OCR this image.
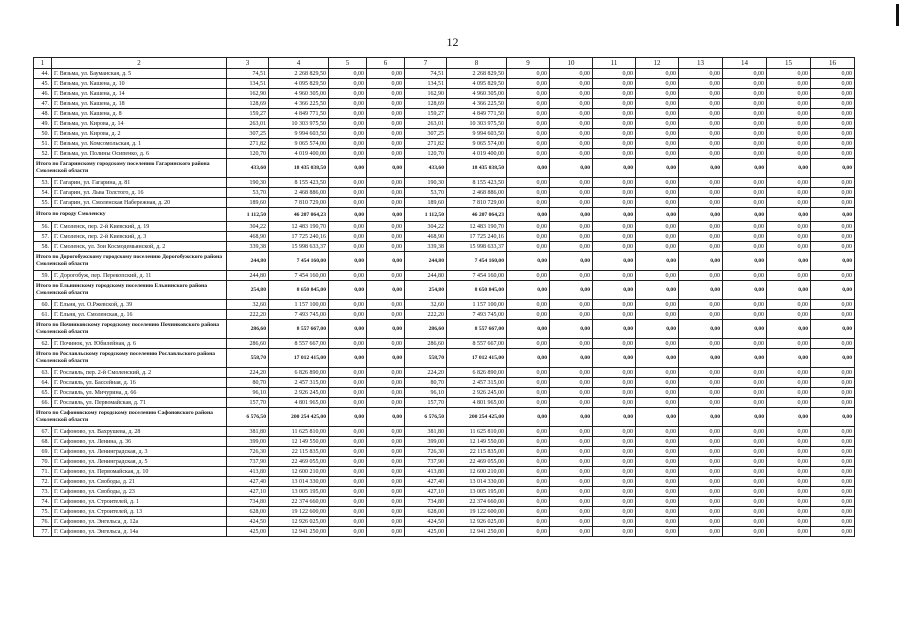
12
1	2	3	4	5	6	7	8	9	10	11	12	13	14	15	16
44.	Г. Вязьма, ул. Бауманская, д. 5	74,51	2 268 829,50	0,00	0,00	74,51	2 268 829,50	0,00	0,00	0,00	0,00	0,00	0,00	0,00	0,00
45.	Г. Вязьма, ул. Кашена, д. 10	134,51	4 095 829,50	0,00	0,00	134,51	4 095 829,50	0,00	0,00	0,00	0,00	0,00	0,00	0,00	0,00
46.	Г. Вязьма, ул. Кашена, д. 14	162,90	4 960 305,00	0,00	0,00	162,90	4 960 305,00	0,00	0,00	0,00	0,00	0,00	0,00	0,00	0,00
47.	Г. Вязьма, ул. Кашена, д. 18	128,69	4 366 225,50	0,00	0,00	128,69	4 366 225,50	0,00	0,00	0,00	0,00	0,00	0,00	0,00	0,00
48.	Г. Вязьма, ул. Кашена, д. 8	159,27	4 849 771,50	0,00	0,00	159,27	4 849 771,50	0,00	0,00	0,00	0,00	0,00	0,00	0,00	0,00
49.	Г. Вязьма, ул. Кирова, д. 14	263,01	10 303 975,50	0,00	0,00	263,01	10 303 975,50	0,00	0,00	0,00	0,00	0,00	0,00	0,00	0,00
50.	Г. Вязьма, ул. Кирова, д. 2	307,25	9 994 603,50	0,00	0,00	307,25	9 994 603,50	0,00	0,00	0,00	0,00	0,00	0,00	0,00	0,00
51.	Г. Вязьма, ул. Комсомольская, д. 1	271,82	9 065 574,00	0,00	0,00	271,82	9 065 574,00	0,00	0,00	0,00	0,00	0,00	0,00	0,00	0,00
52.	Г. Вязьма, ул. Полины Осипенко, д. 6	120,70	4 019 400,00	0,00	0,00	120,70	4 019 400,00	0,00	0,00	0,00	0,00	0,00	0,00	0,00	0,00
Итого по Гагаринскому городскому поселению Гагаринского района Смоленской области		433,60	18 435 038,50	0,00	0,00	433,60	18 435 038,50	0,00	0,00	0,00	0,00	0,00	0,00	0,00	0,00
53.	Г. Гагарин, ул. Гагарина, д. 81	190,30	8 155 423,50	0,00	0,00	190,30	8 155 423,50	0,00	0,00	0,00	0,00	0,00	0,00	0,00	0,00
54.	Г. Гагарин, ул. Льва Толстого, д. 16	53,70	2 468 886,00	0,00	0,00	53,70	2 468 886,00	0,00	0,00	0,00	0,00	0,00	0,00	0,00	0,00
55.	Г. Гагарин, ул. Смоленская Набережная, д. 20	189,60	7 810 729,00	0,00	0,00	189,60	7 810 729,00	0,00	0,00	0,00	0,00	0,00	0,00	0,00	0,00
Итого по городу Смоленску		1 112,50	46 207 064,23	0,00	0,00	1 112,50	46 207 064,23	0,00	0,00	0,00	0,00	0,00	0,00	0,00	0,00
56.	Г. Смоленск, пер. 2-й Киевский, д. 19	304,22	12 483 190,70	0,00	0,00	304,22	12 483 190,70	0,00	0,00	0,00	0,00	0,00	0,00	0,00	0,00
57.	Г. Смоленск, пер. 2-й Киевский, д. 3	468,90	17 725 240,16	0,00	0,00	468,90	17 725 240,16	0,00	0,00	0,00	0,00	0,00	0,00	0,00	0,00
58.	Г. Смоленск, ул. Зои Космодемьянской, д. 2	339,38	15 998 633,37	0,00	0,00	339,38	15 998 633,37	0,00	0,00	0,00	0,00	0,00	0,00	0,00	0,00
Итого по Дорогобужскому городскому поселению Дорогобужского района Смоленской области		244,80	7 454 160,00	0,00	0,00	244,80	7 454 160,00	0,00	0,00	0,00	0,00	0,00	0,00	0,00	0,00
59.	Г. Дорогобуж, пер. Перекопский, д. 11	244,80	7 454 160,00	0,00	0,00	244,80	7 454 160,00	0,00	0,00	0,00	0,00	0,00	0,00	0,00	0,00
Итого по Ельнинскому городскому поселению Ельнинского района Смоленской области		254,80	8 650 845,00	0,00	0,00	254,80	8 650 845,00	0,00	0,00	0,00	0,00	0,00	0,00	0,00	0,00
60.	Г. Ельня, ул. О.Ржевской, д. 39	32,60	1 157 100,00	0,00	0,00	32,60	1 157 100,00	0,00	0,00	0,00	0,00	0,00	0,00	0,00	0,00
61.	Г. Ельня, ул. Смоленская, д. 16	222,20	7 493 745,00	0,00	0,00	222,20	7 493 745,00	0,00	0,00	0,00	0,00	0,00	0,00	0,00	0,00
Итого по Починковскому городскому поселению Починковского района Смоленской области		286,60	8 557 667,00	0,00	0,00	286,60	8 557 667,00	0,00	0,00	0,00	0,00	0,00	0,00	0,00	0,00
62.	Г. Починок, ул. Юбилейная, д. 6	286,60	8 557 667,00	0,00	0,00	286,60	8 557 667,00	0,00	0,00	0,00	0,00	0,00	0,00	0,00	0,00
Итого по Рославльскому городскому поселению Рославльского района Смоленской области		558,70	17 012 415,00	0,00	0,00	558,70	17 012 415,00	0,00	0,00	0,00	0,00	0,00	0,00	0,00	0,00
63.	Г. Рославль, пер. 2-й Смоленский, д. 2	224,20	6 826 890,00	0,00	0,00	224,20	6 826 890,00	0,00	0,00	0,00	0,00	0,00	0,00	0,00	0,00
64.	Г. Рославль, ул. Бассейная, д. 16	80,70	2 457 315,00	0,00	0,00	80,70	2 457 315,00	0,00	0,00	0,00	0,00	0,00	0,00	0,00	0,00
65.	Г. Рославль, ул. Мичурина, д. 66	96,10	2 926 245,00	0,00	0,00	96,10	2 926 245,00	0,00	0,00	0,00	0,00	0,00	0,00	0,00	0,00
66.	Г. Рославль, ул. Первомайская, д. 71	157,70	4 801 965,00	0,00	0,00	157,70	4 801 965,00	0,00	0,00	0,00	0,00	0,00	0,00	0,00	0,00
Итого по Сафоновскому городскому поселению Сафоновского района Смоленской области		6 576,50	200 254 425,00	0,00	0,00	6 576,50	200 254 425,00	0,00	0,00	0,00	0,00	0,00	0,00	0,00	0,00
67.	Г. Сафоново, ул. Вахрушева, д. 28	381,80	11 625 810,00	0,00	0,00	381,80	11 625 810,00	0,00	0,00	0,00	0,00	0,00	0,00	0,00	0,00
68.	Г. Сафоново, ул. Ленина, д. 36	399,00	12 149 550,00	0,00	0,00	399,00	12 149 550,00	0,00	0,00	0,00	0,00	0,00	0,00	0,00	0,00
69.	Г. Сафоново, ул. Ленинградская, д. 3	726,30	22 115 835,00	0,00	0,00	726,30	22 115 835,00	0,00	0,00	0,00	0,00	0,00	0,00	0,00	0,00
70.	Г. Сафоново, ул. Ленинградская, д. 5	737,90	22 469 055,00	0,00	0,00	737,90	22 469 055,00	0,00	0,00	0,00	0,00	0,00	0,00	0,00	0,00
71.	Г. Сафоново, ул. Первомайская, д. 10	413,80	12 600 210,00	0,00	0,00	413,80	12 600 210,00	0,00	0,00	0,00	0,00	0,00	0,00	0,00	0,00
72.	Г. Сафоново, ул. Свободы, д. 21	427,40	13 014 330,00	0,00	0,00	427,40	13 014 330,00	0,00	0,00	0,00	0,00	0,00	0,00	0,00	0,00
73.	Г. Сафоново, ул. Свободы, д. 23	427,10	13 005 195,00	0,00	0,00	427,10	13 005 195,00	0,00	0,00	0,00	0,00	0,00	0,00	0,00	0,00
74.	Г. Сафоново, ул. Строителей, д. 1	734,80	22 374 660,00	0,00	0,00	734,80	22 374 660,00	0,00	0,00	0,00	0,00	0,00	0,00	0,00	0,00
75.	Г. Сафоново, ул. Строителей, д. 13	628,00	19 122 600,00	0,00	0,00	628,00	19 122 600,00	0,00	0,00	0,00	0,00	0,00	0,00	0,00	0,00
76.	Г. Сафоново, ул. Энгельса, д. 12а	424,50	12 926 025,00	0,00	0,00	424,50	12 926 025,00	0,00	0,00	0,00	0,00	0,00	0,00	0,00	0,00
77.	Г. Сафоново, ул. Энгельса, д. 14а	425,00	12 941 250,00	0,00	0,00	425,00	12 941 250,00	0,00	0,00	0,00	0,00	0,00	0,00	0,00	0,00
